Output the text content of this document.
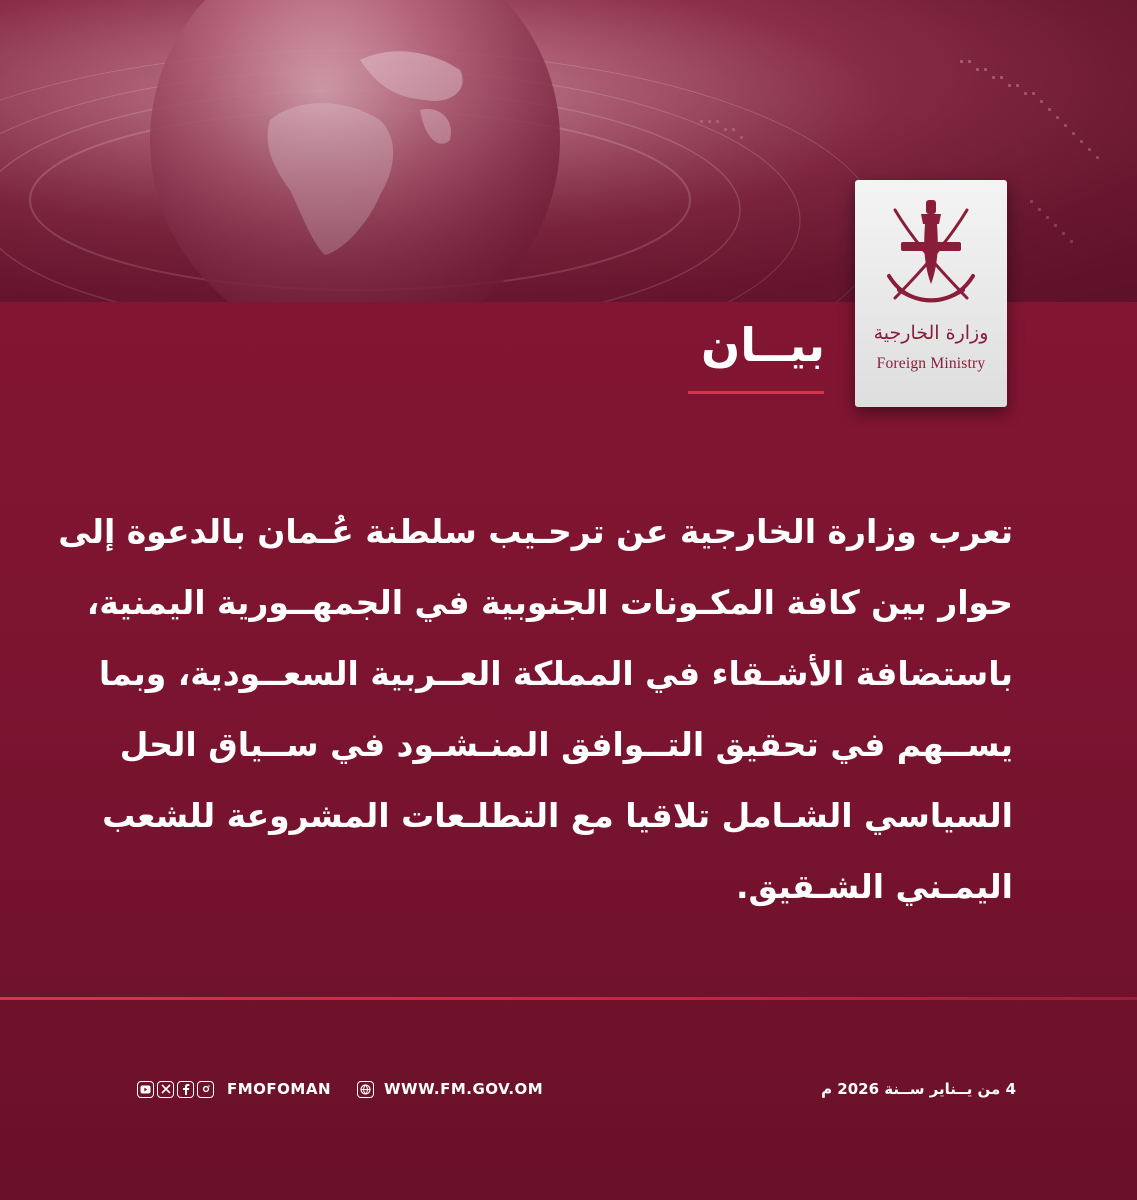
وزارة الخارجية
Foreign Ministry
بيــان
تعرب وزارة الخارجية عن ترحـيب سلطنة عُـمان بالدعوة إلى
حوار بين كافة المكـونات الجنوبية في الجمهــورية اليمنية،
باستضافة الأشـقاء في المملكة العــربية السعــودية، وبما
يســهم في تحقيق التــوافق المنـشـود في ســياق الحل
السياسي الشـامل تلاقيا مع التطلـعات المشروعة للشعب
اليمـني الشـقيق.
FMOFOMAN	WWW.FM.GOV.OM	4 من يــناير ســنة 2026 م
